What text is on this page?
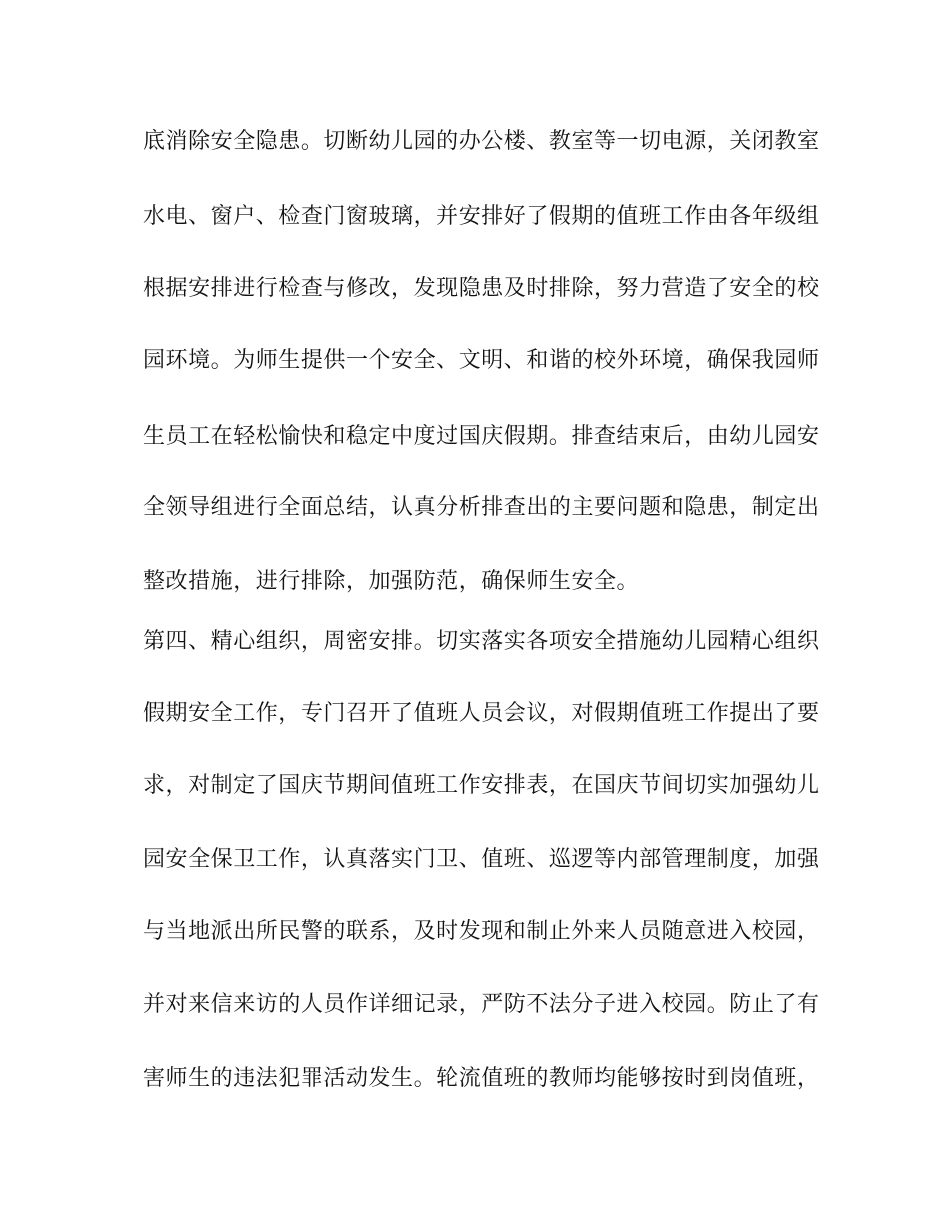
底消除安全隐患。切断幼儿园的办公楼、教室等一切电源，关闭教室
水电、窗户、检查门窗玻璃，并安排好了假期的值班工作由各年级组
根据安排进行检查与修改，发现隐患及时排除，努力营造了安全的校
园环境。为师生提供一个安全、文明、和谐的校外环境，确保我园师
生员工在轻松愉快和稳定中度过国庆假期。排查结束后，由幼儿园安
全领导组进行全面总结，认真分析排查出的主要问题和隐患，制定出
整改措施，进行排除，加强防范，确保师生安全。
第四、精心组织，周密安排。切实落实各项安全措施幼儿园精心组织
假期安全工作，专门召开了值班人员会议，对假期值班工作提出了要
求，对制定了国庆节期间值班工作安排表，在国庆节间切实加强幼儿
园安全保卫工作，认真落实门卫、值班、巡逻等内部管理制度，加强
与当地派出所民警的联系，及时发现和制止外来人员随意进入校园，
并对来信来访的人员作详细记录，严防不法分子进入校园。防止了有
害师生的违法犯罪活动发生。轮流值班的教师均能够按时到岗值班，
